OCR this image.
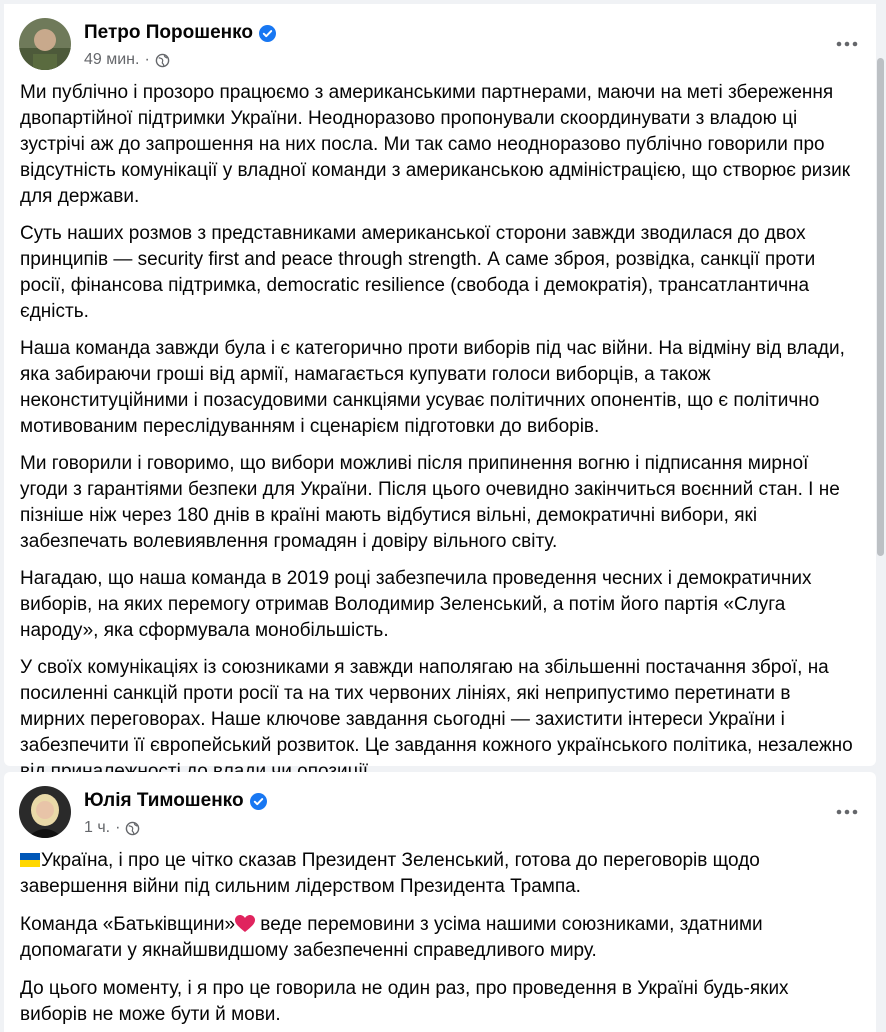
Петро Порошенко
49 мин. ·

Ми публічно і прозоро працюємо з американськими партнерами, маючи на меті збереження двопартійної підтримки України. Неодноразово пропонували скоординувати з владою ці зустрічі аж до запрошення на них посла. Ми так само неодноразово публічно говорили про відсутність комунікації у владної команди з американською адміністрацією, що створює ризик для держави.

Суть наших розмов з представниками американської сторони завжди зводилася до двох принципів — security first and peace through strength. А саме зброя, розвідка, санкції проти росії, фінансова підтримка, democratic resilience (свобода і демократія), трансатлантична єдність.

Наша команда завжди була і є категорично проти виборів під час війни. На відміну від влади, яка забираючи гроші від армії, намагається купувати голоси виборців, а також неконституційними і позасудовими санкціями усуває політичних опонентів, що є політично мотивованим переслідуванням і сценарієм підготовки до виборів.

Ми говорили і говоримо, що вибори можливі після припинення вогню і підписання мирної угоди з гарантіями безпеки для України. Після цього очевидно закінчиться воєнний стан. І не пізніше ніж через 180 днів в країні мають відбутися вільні, демократичні вибори, які забезпечать волевиявлення громадян і довіру вільного світу.

Нагадаю, що наша команда в 2019 році забезпечила проведення чесних і демократичних виборів, на яких перемогу отримав Володимир Зеленський, а потім його партія «Слуга народу», яка сформувала монобільшість.

У своїх комунікаціях із союзниками я завжди наполягаю на збільшенні постачання зброї, на посиленні санкцій проти росії та на тих червоних лініях, які неприпустимо перетинати в мирних переговорах. Наше ключове завдання сьогодні — захистити інтереси України і забезпечити її європейський розвиток. Це завдання кожного українського політика, незалежно

Юлія Тимошенко
1 ч. ·

Україна, і про це чітко сказав Президент Зеленський, готова до переговорів щодо завершення війни під сильним лідерством Президента Трампа.

Команда «Батьківщини» веде перемовини з усіма нашими союзниками, здатними допомагати у якнайшвидшому забезпеченні справедливого миру.

До цього моменту, і я про це говорила не один раз, про проведення в Україні будь-яких виборів не може бути й мови.
